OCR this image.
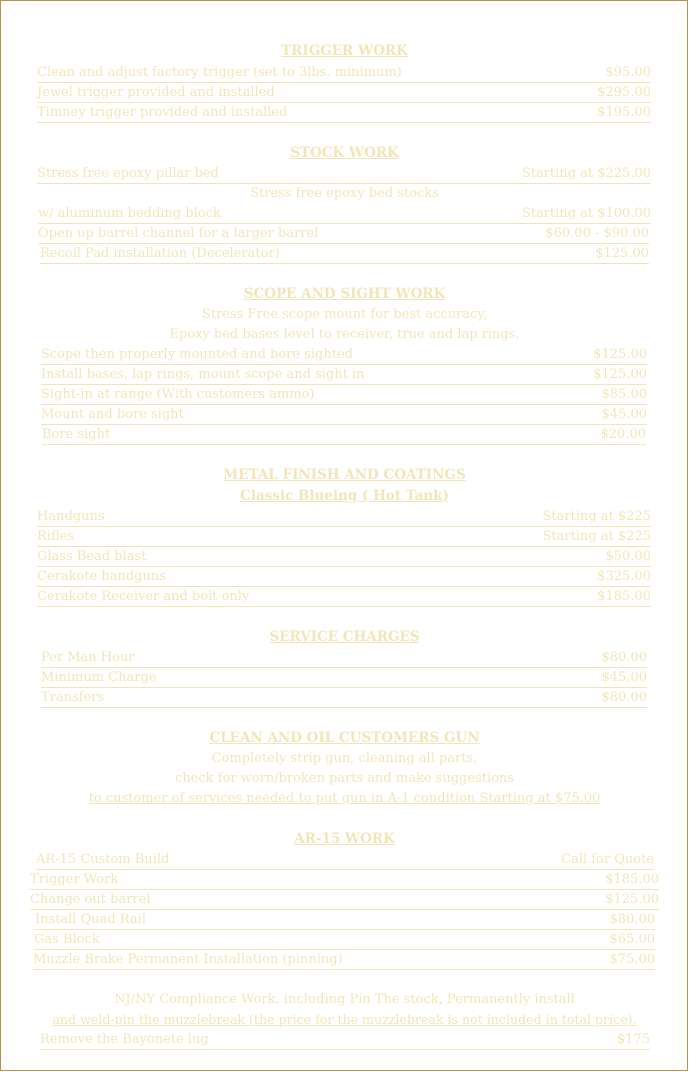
TRIGGER WORK
Clean and adjust factory trigger (set to 3lbs. minimum)	$95.00
Jewel trigger provided and installed	$295.00
Timney trigger provided and installed	$195.00
STOCK WORK
Stress free epoxy pillar bed	Starting at $225.00
Stress free epoxy bed stocks
w/ aluminum bedding block	Starting at $100.00
Open up barrel channel for a larger barrel	$60.00 - $90.00
Recoil Pad installation (Decelerator)	$125.00
SCOPE AND SIGHT WORK
Stress Free scope mount for best accuracy,
Epoxy bed bases level to receiver, true and lap rings,
Scope then properly mounted and bore sighted	$125.00
Install bases, lap rings, mount scope and sight in	$125.00
Sight-in at range (With customers ammo)	$85.00
Mount and bore sight	$45.00
Bore sight	$20.00
METAL FINISH AND COATINGS
Classic Blueing ( Hot Tank)
Handguns	Starting at $225
Rifles	Starting at $225
Glass Bead blast	$50.00
Cerakote handguns	$325.00
Cerakote Receiver and bolt only	$185.00
SERVICE CHARGES
Per Man Hour	$80.00
Minimum Charge	$45.00
Transfers	$80.00
CLEAN AND OIL CUSTOMERS GUN
Completely strip gun, cleaning all parts,
check for worn/broken parts and make suggestions
to customer of services needed to put gun in A-1 condition Starting at $75.00
AR-15 WORK
AR-15 Custom Build	Call for Quote
Trigger Work	$185.00
Change out barrel	$125.00
Install Quad Rail	$80.00
Gas Block	$65.00
Muzzle Brake Permanent Installation (pinning)	$75.00
NJ/NY Compliance Work, including Pin The stock, Permanently install
and weld-pin the muzzlebreak (the price for the muzzlebreak is not included in total price).
Remove the Bayonete lug	$175
